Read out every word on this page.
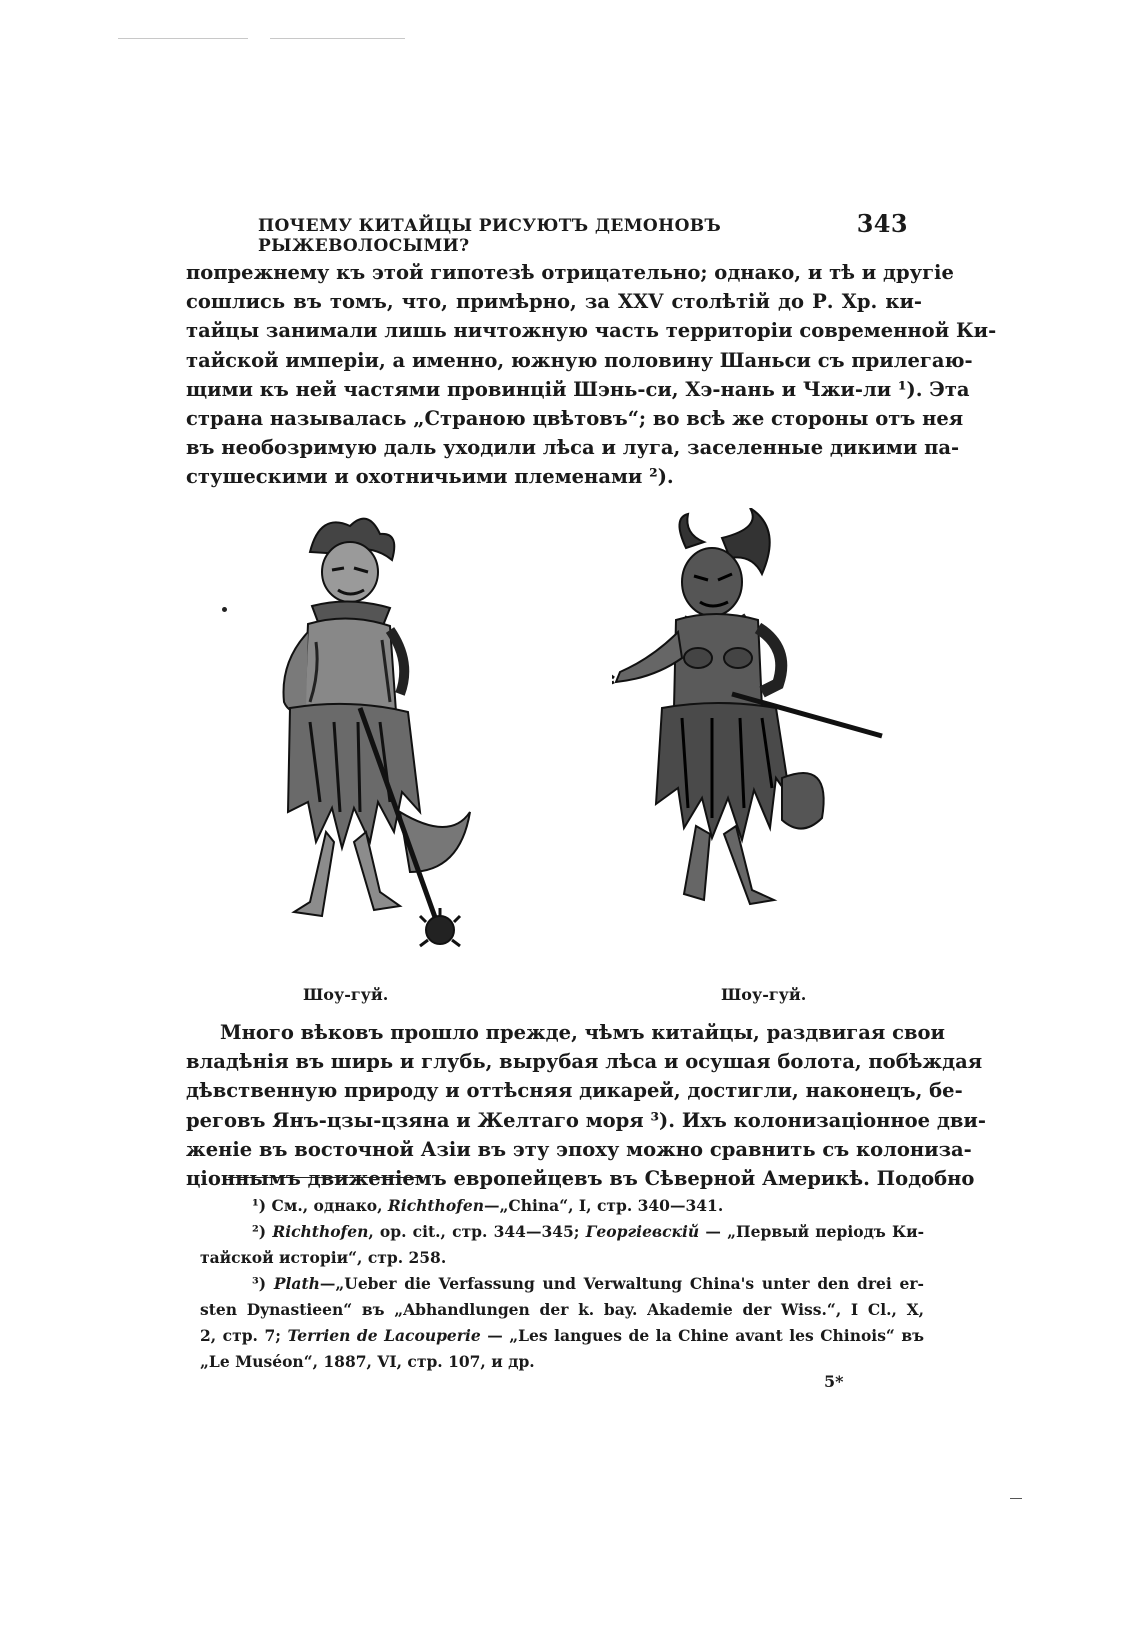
ПОЧЕМУ КИТАЙЦЫ РИСУЮТЪ ДЕМОНОВЪ РЫЖЕВОЛОСЫМИ?
343

попрежнему къ этой гипотезѣ отрицательно; однако, и тѣ и другіе
сошлись въ томъ, что, примѣрно, за XXV столѣтій до Р. Хр. ки-
тайцы занимали лишь ничтожную часть территоріи современной Ки-
тайской имперіи, а именно, южную половину Шаньси съ прилегаю-
щими къ ней частями провинцій Шэнь-си, Хэ-нань и Чжи-ли ¹). Эта
страна называлась „Страною цвѣтовъ“; во всѣ же стороны отъ нея
въ необозримую даль уходили лѣса и луга, заселенные дикими па-
стушескими и охотничьими племенами ²).

Шоу-гуй.	Шоу-гуй.

Много вѣковъ прошло прежде, чѣмъ китайцы, раздвигая свои
владѣнія въ ширь и глубь, вырубая лѣса и осушая болота, побѣждая
дѣвственную природу и оттѣсняя дикарей, достигли, наконецъ, бе-
реговъ Янъ-цзы-цзяна и Желтаго моря ³). Ихъ колонизаціонное дви-
женіе въ восточной Азіи въ эту эпоху можно сравнить съ колониза-
ціоннымъ движеніемъ европейцевъ въ Сѣверной Америкѣ. Подобно

¹) См., однако, Richthofen—„China“, I, стр. 340—341.
²) Richthofen, op. cit., стр. 344—345; Георгіевскій — „Первый періодъ Ки-
тайской исторіи“, стр. 258.
³) Plath—„Ueber die Verfassung und Verwaltung China's unter den drei er-
sten Dynastieen“ въ „Abhandlungen der k. bay. Akademie der Wiss.“, I Cl., X,
2, стр. 7; Terrien de Lacouperie — „Les langues de la Chine avant les Chinois“ въ
„Le Muséon“, 1887, VI, стр. 107, и др.
5*
